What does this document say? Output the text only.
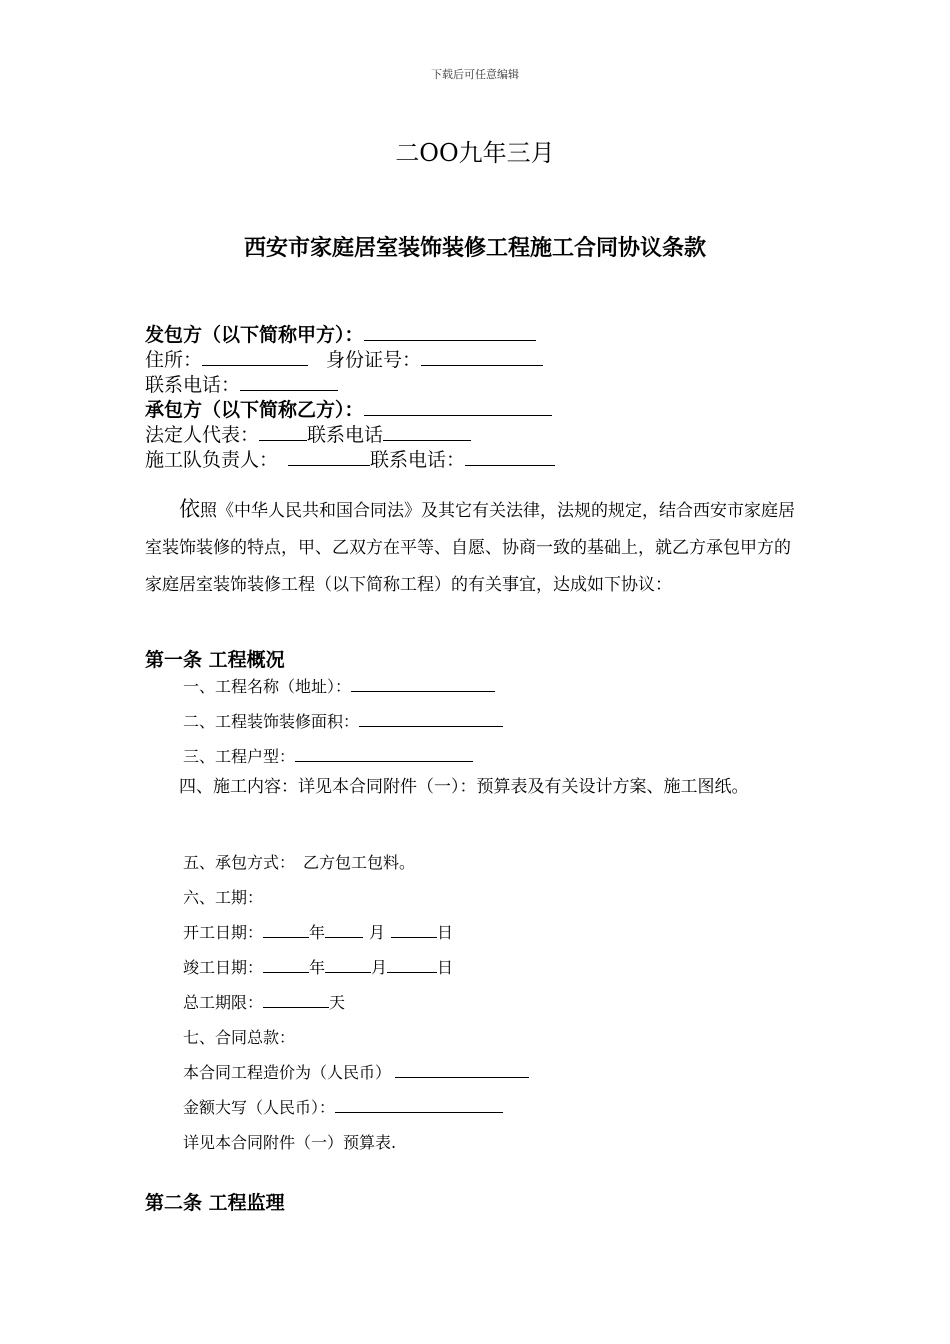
下载后可任意编辑
二OO九年三月
西安市家庭居室装饰装修工程施工合同协议条款
发包方（以下简称甲方）：
住所：	身份证号：
联系电话：
承包方（以下简称乙方）：
法定人代表：	联系电话
施工队负责人：	联系电话：
依照《中华人民共和国合同法》及其它有关法律，法规的规定，结合西安市家庭居室装饰装修的特点，甲、乙双方在平等、自愿、协商一致的基础上，就乙方承包甲方的家庭居室装饰装修工程（以下简称工程）的有关事宜，达成如下协议：
第一条 工程概况
一、工程名称（地址）：
二、工程装饰装修面积：
三、工程户型：
四、施工内容：详见本合同附件（一）：预算表及有关设计方案、施工图纸。
五、承包方式： 乙方包工包料。
六、工期：
开工日期：	年	月	日
竣工日期：	年	月	日
总工期限：	天
七、合同总款：
本合同工程造价为（人民币）
金额大写（人民币）：
详见本合同附件（一）预算表.
第二条 工程监理
